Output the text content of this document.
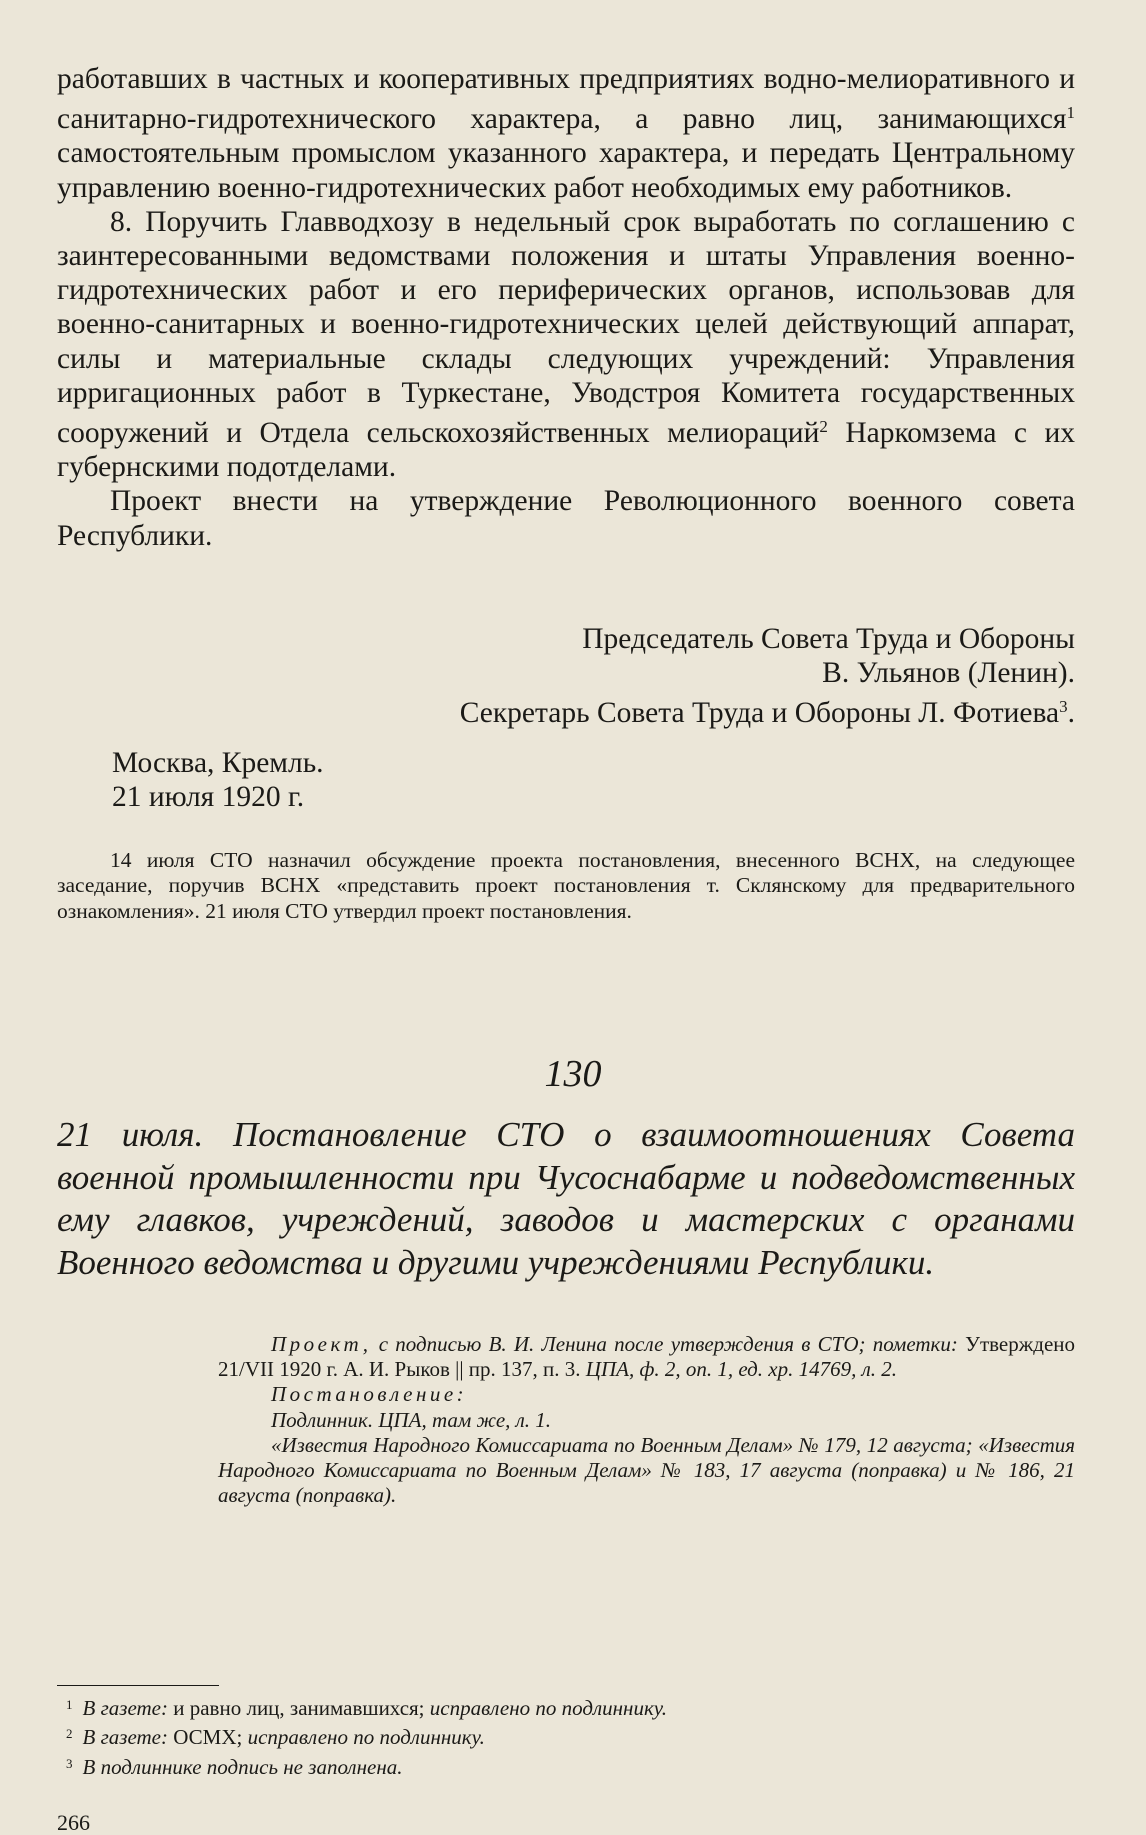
работавших в частных и кооперативных предприятиях водно-мелиоративного и санитарно-гидротехнического характера, а равно лиц, занимающихся$^1$ самостоятельным промыслом указанного характера, и передать Центральному управлению военно-гидротехнических работ необходимых ему работников.

8. Поручить Главводхозу в недельный срок выработать по соглашению с заинтересованными ведомствами положения и штаты Управления военно-гидротехнических работ и его периферических органов, использовав для военно-санитарных и военно-гидротехнических целей действующий аппарат, силы и материальные склады следующих учреждений: Управления ирригационных работ в Туркестане, Уводстроя Комитета государственных сооружений и Отдела сельскохозяйственных мелиораций$^2$ Наркомзема с их губернскими подотделами.

Проект внести на утверждение Революционного военного совета Республики.

Председатель Совета Труда и Обороны
В. Ульянов (Ленин).
Секретарь Совета Труда и Обороны Л. Фотиева$^3$.
Москва, Кремль.
21 июля 1920 г.

14 июля СТО назначил обсуждение проекта постановления, внесенного ВСНХ, на следующее заседание, поручив ВСНХ «представить проект постановления т. Склянскому для предварительного ознакомления». 21 июля СТО утвердил проект постановления.

130

21 июля. Постановление СТО о взаимоотношениях Совета военной промышленности при Чусоснабарме и подведомственных ему главков, учреждений, заводов и мастерских с органами Военного ведомства и другими учреждениями Республики.

Проект, с подписью В. И. Ленина после утверждения в СТО; пометки: Утверждено 21/VII 1920 г. А. И. Рыков || пр. 137, п. 3. ЦПА, ф. 2, оп. 1, ед. хр. 14769, л. 2.

Постановление:

Подлинник. ЦПА, там же, л. 1.

«Известия Народного Комиссариата по Военным Делам» № 179, 12 августа; «Известия Народного Комиссариата по Военным Делам» № 183, 17 августа (поправка) и № 186, 21 августа (поправка).

$^1$ В газете: и равно лиц, занимавшихся; исправлено по подлиннику.

$^2$ В газете: ОСМХ; исправлено по подлиннику.

$^3$ В подлиннике подпись не заполнена.

266
